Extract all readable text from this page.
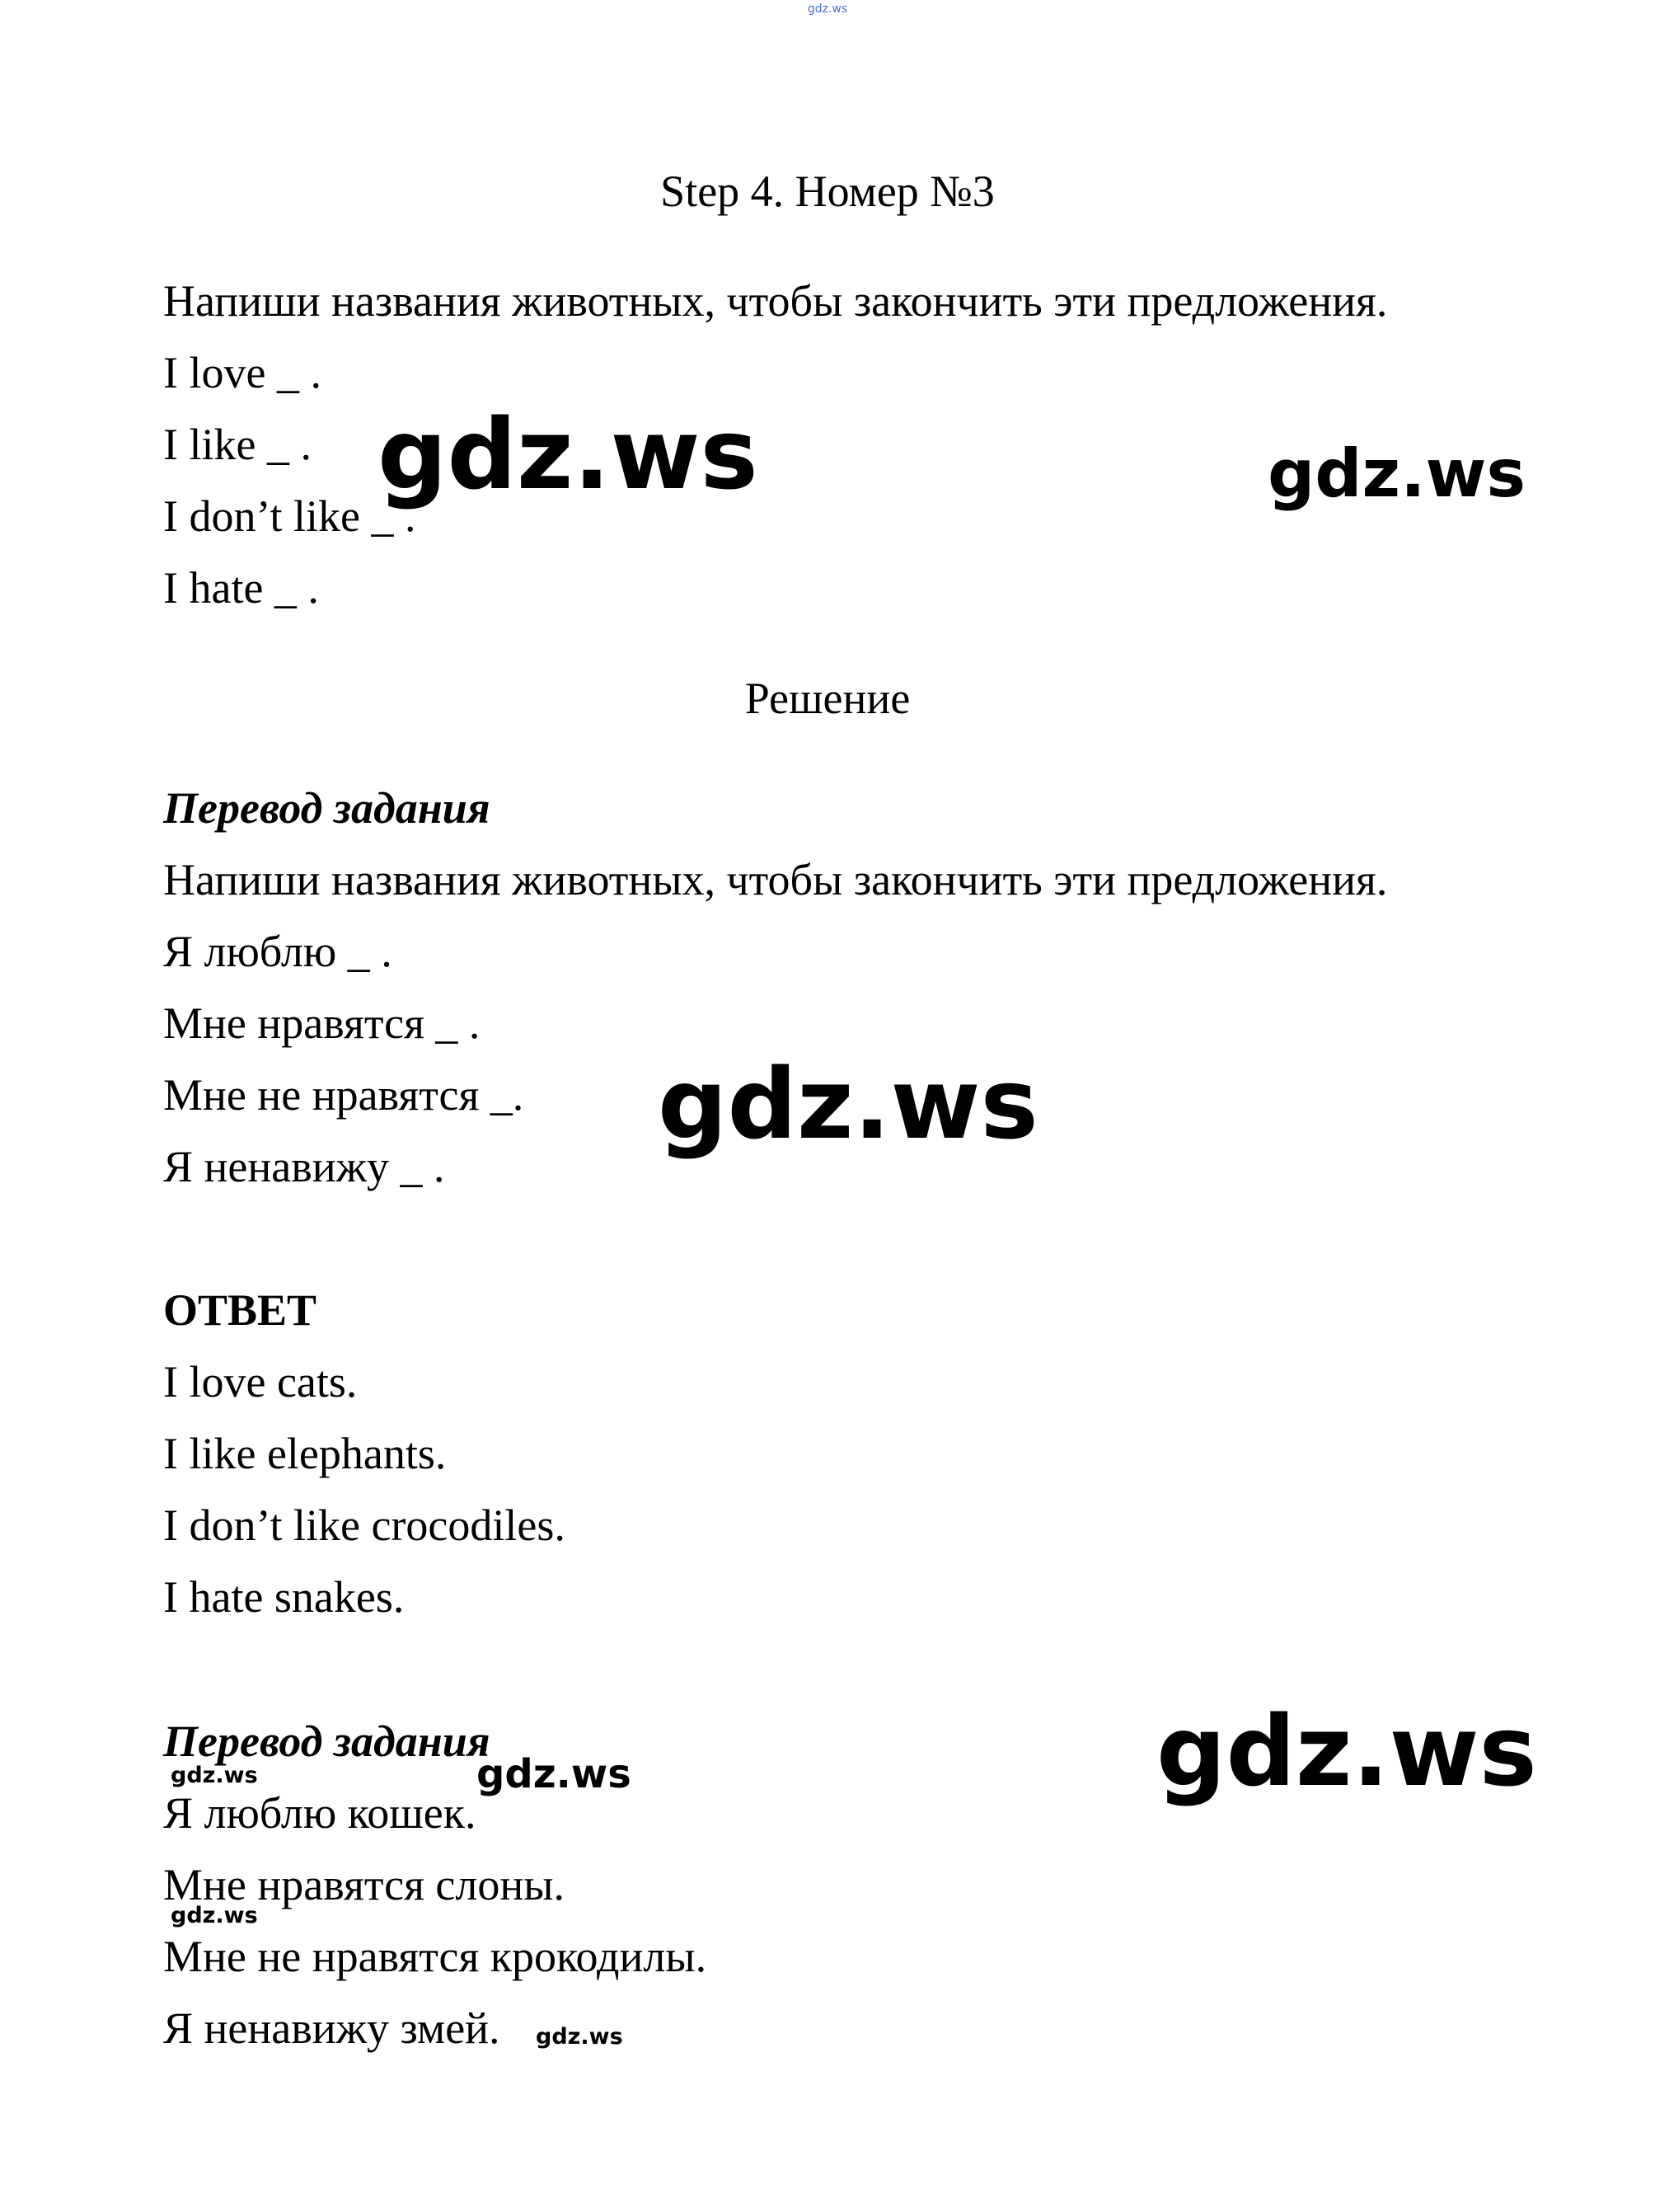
gdz.ws
Step 4. Номер №3
Напиши названия животных, чтобы закончить эти предложения.
I love _ .
I like _ .
I don’t like _ .
I hate _ .
Решение
Перевод задания
Напиши названия животных, чтобы закончить эти предложения.
Я люблю _ .
Мне нравятся _ .
Мне не нравятся _.
Я ненавижу _ .
ОТВЕТ
I love cats.
I like elephants.
I don’t like crocodiles.
I hate snakes.
Перевод задания
Я люблю кошек.
Мне нравятся слоны.
Мне не нравятся крокодилы.
Я ненавижу змей.
gdz.ws	gdz.ws
gdz.ws
gdz.ws
gdz.ws
gdz.ws
gdz.ws
gdz.ws
